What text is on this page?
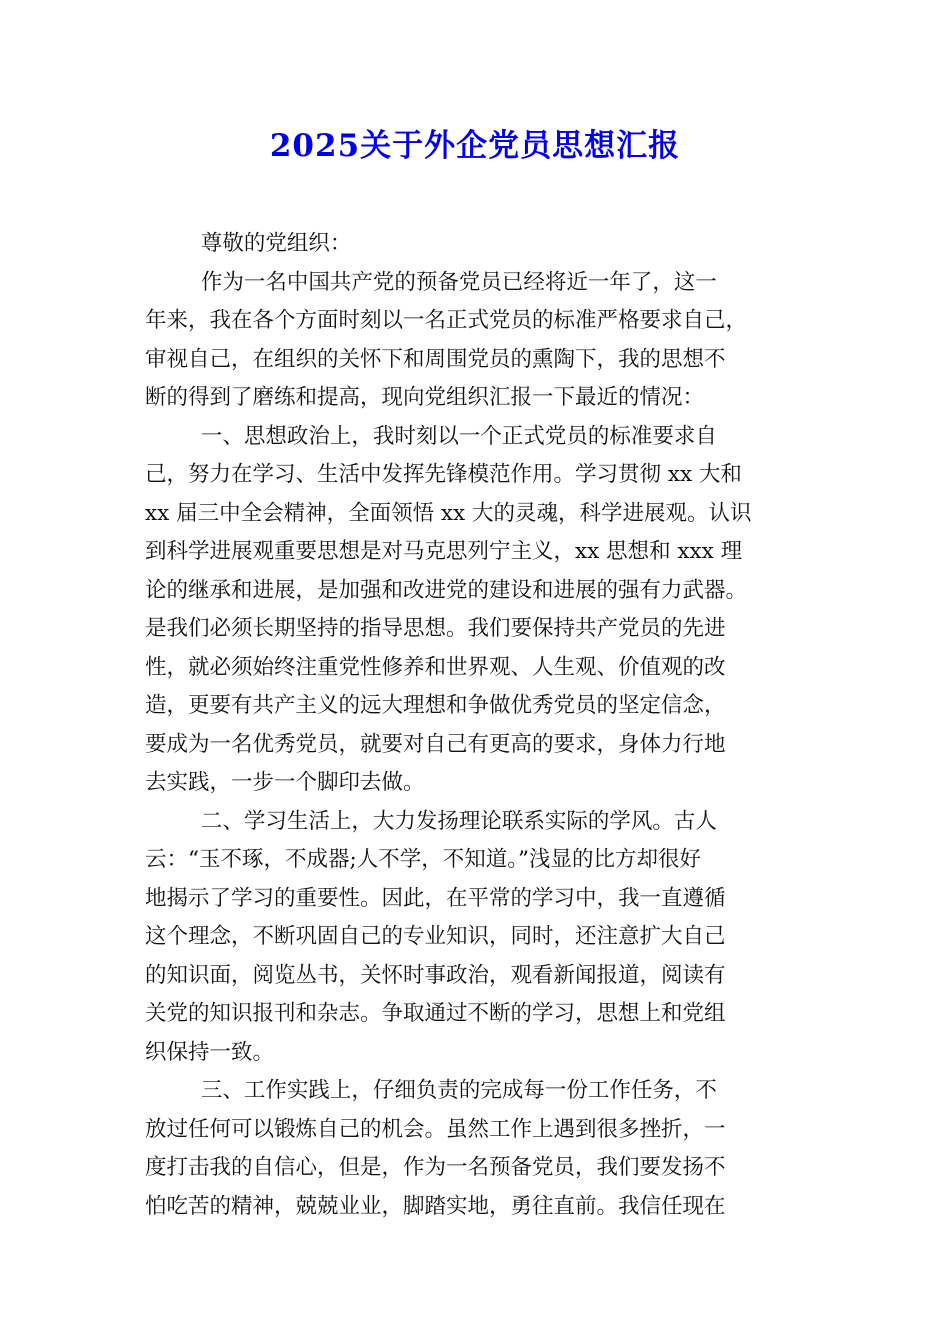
2025关于外企党员思想汇报

尊敬的党组织：

作为一名中国共产党的预备党员已经将近一年了，这一

年来，我在各个方面时刻以一名正式党员的标准严格要求自己，
审视自己，在组织的关怀下和周围党员的熏陶下，我的思想不
断的得到了磨练和提高，现向党组织汇报一下最近的情况：

一、思想政治上，我时刻以一个正式党员的标准要求自

己，努力在学习、生活中发挥先锋模范作用。学习贯彻 xx 大和
xx 届三中全会精神，全面领悟 xx 大的灵魂，科学进展观。认识
到科学进展观重要思想是对马克思列宁主义，xx 思想和 xxx 理
论的继承和进展，是加强和改进党的建设和进展的强有力武器。
是我们必须长期坚持的指导思想。我们要保持共产党员的先进
性，就必须始终注重党性修养和世界观、人生观、价值观的改
造，更要有共产主义的远大理想和争做优秀党员的坚定信念，
要成为一名优秀党员，就要对自己有更高的要求，身体力行地
去实践，一步一个脚印去做。

二、学习生活上，大力发扬理论联系实际的学风。古人

云：“玉不琢，不成器;人不学，不知道。”浅显的比方却很好
地揭示了学习的重要性。因此，在平常的学习中，我一直遵循
这个理念，不断巩固自己的专业知识，同时，还注意扩大自己
的知识面，阅览丛书，关怀时事政治，观看新闻报道，阅读有
关党的知识报刊和杂志。争取通过不断的学习，思想上和党组
织保持一致。

三、工作实践上，仔细负责的完成每一份工作任务，不

放过任何可以锻炼自己的机会。虽然工作上遇到很多挫折，一
度打击我的自信心，但是，作为一名预备党员，我们要发扬不
怕吃苦的精神，兢兢业业，脚踏实地，勇往直前。我信任现在
